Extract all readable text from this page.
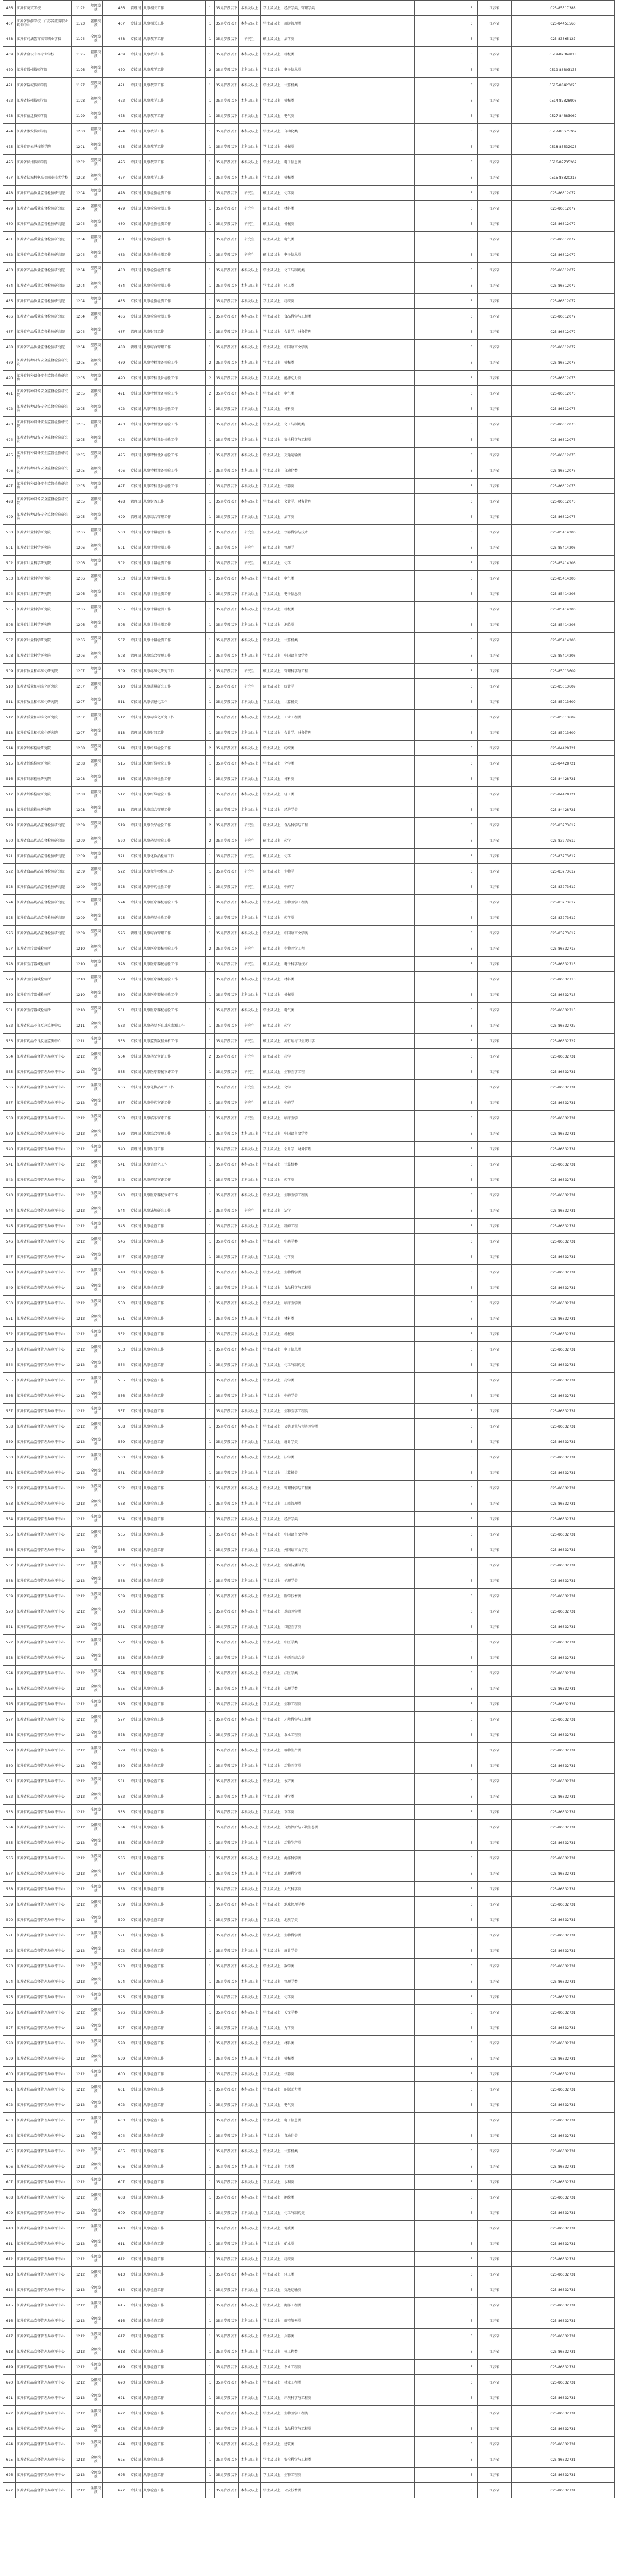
466	江苏省商贸学校	1192	差额拨款		466	管理岗	从事相关工作	1	35周岁及以下	本科及以上	学士及以上	经济学类、管理学类				3	江苏省	025-85517388
467	江苏省旅游学校（江苏省旅游职业培训中心）	1193	差额拨款		467	专技岗	从事相关工作	1	35周岁及以下	本科及以上	学士及以上	旅游管理类				3	江苏省	025-84451560
468	江苏省司法警官高等职业学校	1194	全额拨款		468	专技岗	从事教学工作	1	35周岁及以下	研究生	硕士及以上	法学类				3	江苏省	025-83365127
469	江苏省金坛中等专业学校	1195	差额拨款		469	专技岗	从事教学工作	1	35周岁及以下	本科及以上	学士及以上	机械类				3	江苏省	0519-82362818
470	江苏省常州技师学院	1196	差额拨款		470	专技岗	从事教学工作	2	35周岁及以下	本科及以上	学士及以上	电子信息类				3	江苏省	0519-86303135
471	江苏省盐城技师学院	1197	差额拨款		471	专技岗	从事教学工作	1	35周岁及以下	本科及以上	学士及以上	计算机类				3	江苏省	0515-88423025
472	江苏省扬州技师学院	1198	差额拨款		472	专技岗	从事教学工作	1	35周岁及以下	本科及以上	学士及以上	机械类				3	江苏省	0514-87328903
473	江苏省宿迁技师学院	1199	差额拨款		473	专技岗	从事教学工作	1	35周岁及以下	本科及以上	学士及以上	电气类				3	江苏省	0527-84383069
474	江苏省淮安技师学院	1200	差额拨款		474	专技岗	从事教学工作	1	35周岁及以下	本科及以上	学士及以上	自动化类				3	江苏省	0517-83675262
475	江苏省连云港技师学院	1201	差额拨款		475	专技岗	从事教学工作	1	35周岁及以下	本科及以上	学士及以上	机械类				3	江苏省	0518-85532023
476	江苏省徐州技师学院	1202	差额拨款		476	专技岗	从事教学工作	1	35周岁及以下	本科及以上	学士及以上	电子信息类				3	江苏省	0516-87735262
477	江苏省盐城机电高等职业技术学校	1203	差额拨款		477	专技岗	从事教学工作	1	35周岁及以下	本科及以上	学士及以上	机械类				3	江苏省	0515-88320216
478	江苏省产品质量监督检验研究院	1204	差额拨款		478	专技岗	从事检验检测工作	1	35周岁及以下	研究生	硕士及以上	化学类				3	江苏省	025-86612072
479	江苏省产品质量监督检验研究院	1204	差额拨款		479	专技岗	从事检验检测工作	1	35周岁及以下	研究生	硕士及以上	材料类				3	江苏省	025-86612072
480	江苏省产品质量监督检验研究院	1204	差额拨款		480	专技岗	从事检验检测工作	1	35周岁及以下	研究生	硕士及以上	机械类				3	江苏省	025-86612072
481	江苏省产品质量监督检验研究院	1204	差额拨款		481	专技岗	从事检验检测工作	1	35周岁及以下	研究生	硕士及以上	电气类				3	江苏省	025-86612072
482	江苏省产品质量监督检验研究院	1204	差额拨款		482	专技岗	从事检验检测工作	1	35周岁及以下	研究生	硕士及以上	电子信息类				3	江苏省	025-86612072
483	江苏省产品质量监督检验研究院	1204	差额拨款		483	专技岗	从事检验检测工作	1	35周岁及以下	本科及以上	学士及以上	化工与制药类				3	江苏省	025-86612072
484	江苏省产品质量监督检验研究院	1204	差额拨款		484	专技岗	从事检验检测工作	1	35周岁及以下	本科及以上	学士及以上	轻工类				3	江苏省	025-86612072
485	江苏省产品质量监督检验研究院	1204	差额拨款		485	专技岗	从事检验检测工作	1	35周岁及以下	本科及以上	学士及以上	纺织类				3	江苏省	025-86612072
486	江苏省产品质量监督检验研究院	1204	差额拨款		486	专技岗	从事检验检测工作	1	35周岁及以下	本科及以上	学士及以上	食品科学与工程类				3	江苏省	025-86612072
487	江苏省产品质量监督检验研究院	1204	差额拨款		487	管理岗	从事财务工作	1	35周岁及以下	本科及以上	学士及以上	会计学、财务管理				3	江苏省	025-86612072
488	江苏省产品质量监督检验研究院	1204	差额拨款		488	管理岗	从事综合管理工作	1	35周岁及以下	本科及以上	学士及以上	中国语言文学类				3	江苏省	025-86612072
489	江苏省特种设备安全监督检验研究院	1205	差额拨款		489	专技岗	从事特种设备检验工作	2	35周岁及以下	本科及以上	学士及以上	机械类				3	江苏省	025-86612073
490	江苏省特种设备安全监督检验研究院	1205	差额拨款		490	专技岗	从事特种设备检验工作	2	35周岁及以下	本科及以上	学士及以上	能源动力类				3	江苏省	025-86612073
491	江苏省特种设备安全监督检验研究院	1205	差额拨款		491	专技岗	从事特种设备检验工作	2	35周岁及以下	本科及以上	学士及以上	电气类				3	江苏省	025-86612073
492	江苏省特种设备安全监督检验研究院	1205	差额拨款		492	专技岗	从事特种设备检验工作	1	35周岁及以下	本科及以上	学士及以上	材料类				3	江苏省	025-86612073
493	江苏省特种设备安全监督检验研究院	1205	差额拨款		493	专技岗	从事特种设备检验工作	1	35周岁及以下	本科及以上	学士及以上	化工与制药类				3	江苏省	025-86612073
494	江苏省特种设备安全监督检验研究院	1205	差额拨款		494	专技岗	从事特种设备检验工作	1	35周岁及以下	本科及以上	学士及以上	安全科学与工程类				3	江苏省	025-86612073
495	江苏省特种设备安全监督检验研究院	1205	差额拨款		495	专技岗	从事特种设备检验工作	1	35周岁及以下	本科及以上	学士及以上	交通运输类				3	江苏省	025-86612073
496	江苏省特种设备安全监督检验研究院	1205	差额拨款		496	专技岗	从事特种设备检验工作	1	35周岁及以下	本科及以上	学士及以上	自动化类				3	江苏省	025-86612073
497	江苏省特种设备安全监督检验研究院	1205	差额拨款		497	专技岗	从事特种设备检验工作	1	35周岁及以下	本科及以上	学士及以上	仪器类				3	江苏省	025-86612073
498	江苏省特种设备安全监督检验研究院	1205	差额拨款		498	管理岗	从事财务工作	1	35周岁及以下	本科及以上	学士及以上	会计学、财务管理				3	江苏省	025-86612073
499	江苏省特种设备安全监督检验研究院	1205	差额拨款		499	管理岗	从事综合管理工作	1	35周岁及以下	本科及以上	学士及以上	法学类				3	江苏省	025-86612073
500	江苏省计量科学研究院	1206	差额拨款		500	专技岗	从事计量检测工作	2	35周岁及以下	研究生	硕士及以上	仪器科学与技术				3	江苏省	025-85414206
501	江苏省计量科学研究院	1206	差额拨款		501	专技岗	从事计量检测工作	1	35周岁及以下	研究生	硕士及以上	物理学				3	江苏省	025-85414206
502	江苏省计量科学研究院	1206	差额拨款		502	专技岗	从事计量检测工作	1	35周岁及以下	研究生	硕士及以上	化学				3	江苏省	025-85414206
503	江苏省计量科学研究院	1206	差额拨款		503	专技岗	从事计量检测工作	1	35周岁及以下	本科及以上	学士及以上	电气类				3	江苏省	025-85414206
504	江苏省计量科学研究院	1206	差额拨款		504	专技岗	从事计量检测工作	1	35周岁及以下	本科及以上	学士及以上	电子信息类				3	江苏省	025-85414206
505	江苏省计量科学研究院	1206	差额拨款		505	专技岗	从事计量检测工作	1	35周岁及以下	本科及以上	学士及以上	机械类				3	江苏省	025-85414206
506	江苏省计量科学研究院	1206	差额拨款		506	专技岗	从事计量检测工作	1	35周岁及以下	本科及以上	学士及以上	测绘类				3	江苏省	025-85414206
507	江苏省计量科学研究院	1206	差额拨款		507	专技岗	从事计量检测工作	1	35周岁及以下	本科及以上	学士及以上	计算机类				3	江苏省	025-85414206
508	江苏省计量科学研究院	1206	差额拨款		508	管理岗	从事综合管理工作	1	35周岁及以下	本科及以上	学士及以上	中国语言文学类				3	江苏省	025-85414206
509	江苏省质量和标准化研究院	1207	差额拨款		509	专技岗	从事标准化研究工作	2	35周岁及以下	研究生	硕士及以上	管理科学与工程				3	江苏省	025-85013609
510	江苏省质量和标准化研究院	1207	差额拨款		510	专技岗	从事质量研究工作	1	35周岁及以下	研究生	硕士及以上	统计学				3	江苏省	025-85013609
511	江苏省质量和标准化研究院	1207	差额拨款		511	专技岗	从事信息化工作	1	35周岁及以下	本科及以上	学士及以上	计算机类				3	江苏省	025-85013609
512	江苏省质量和标准化研究院	1207	差额拨款		512	专技岗	从事标准化研究工作	1	35周岁及以下	本科及以上	学士及以上	工业工程类				3	江苏省	025-85013609
513	江苏省质量和标准化研究院	1207	差额拨款		513	管理岗	从事财务工作	1	35周岁及以下	本科及以上	学士及以上	会计学、财务管理				3	江苏省	025-85013609
514	江苏省纤维检验研究院	1208	差额拨款		514	专技岗	从事纤维检验工作	2	35周岁及以下	本科及以上	学士及以上	纺织类				3	江苏省	025-84428721
515	江苏省纤维检验研究院	1208	差额拨款		515	专技岗	从事纤维检验工作	1	35周岁及以下	本科及以上	学士及以上	化学类				3	江苏省	025-84428721
516	江苏省纤维检验研究院	1208	差额拨款		516	专技岗	从事纤维检验工作	1	35周岁及以下	本科及以上	学士及以上	材料类				3	江苏省	025-84428721
517	江苏省纤维检验研究院	1208	差额拨款		517	专技岗	从事纤维检验工作	1	35周岁及以下	本科及以上	学士及以上	轻工类				3	江苏省	025-84428721
518	江苏省纤维检验研究院	1208	差额拨款		518	管理岗	从事综合管理工作	1	35周岁及以下	本科及以上	学士及以上	经济学类				3	江苏省	025-84428721
519	江苏省食品药品监督检验研究院	1209	差额拨款		519	专技岗	从事食品检验工作	2	35周岁及以下	研究生	硕士及以上	食品科学与工程				3	江苏省	025-83273612
520	江苏省食品药品监督检验研究院	1209	差额拨款		520	专技岗	从事药品检验工作	2	35周岁及以下	研究生	硕士及以上	药学				3	江苏省	025-83273612
521	江苏省食品药品监督检验研究院	1209	差额拨款		521	专技岗	从事化妆品检验工作	1	35周岁及以下	研究生	硕士及以上	化学				3	江苏省	025-83273612
522	江苏省食品药品监督检验研究院	1209	差额拨款		522	专技岗	从事微生物检验工作	1	35周岁及以下	研究生	硕士及以上	生物学				3	江苏省	025-83273612
523	江苏省食品药品监督检验研究院	1209	差额拨款		523	专技岗	从事中药检验工作	1	35周岁及以下	研究生	硕士及以上	中药学				3	江苏省	025-83273612
524	江苏省食品药品监督检验研究院	1209	差额拨款		524	专技岗	从事医疗器械检验工作	1	35周岁及以下	本科及以上	学士及以上	生物医学工程类				3	江苏省	025-83273612
525	江苏省食品药品监督检验研究院	1209	差额拨款		525	专技岗	从事药品检验工作	1	35周岁及以下	本科及以上	学士及以上	药学类				3	江苏省	025-83273612
526	江苏省食品药品监督检验研究院	1209	差额拨款		526	管理岗	从事综合管理工作	1	35周岁及以下	本科及以上	学士及以上	中国语言文学类				3	江苏省	025-83273612
527	江苏省医疗器械检验所	1210	差额拨款		527	专技岗	从事医疗器械检验工作	2	35周岁及以下	研究生	硕士及以上	生物医学工程				3	江苏省	025-86632713
528	江苏省医疗器械检验所	1210	差额拨款		528	专技岗	从事医疗器械检验工作	1	35周岁及以下	研究生	硕士及以上	电子科学与技术				3	江苏省	025-86632713
529	江苏省医疗器械检验所	1210	差额拨款		529	专技岗	从事医疗器械检验工作	1	35周岁及以下	本科及以上	学士及以上	材料类				3	江苏省	025-86632713
530	江苏省医疗器械检验所	1210	差额拨款		530	专技岗	从事医疗器械检验工作	1	35周岁及以下	本科及以上	学士及以上	机械类				3	江苏省	025-86632713
531	江苏省医疗器械检验所	1210	差额拨款		531	专技岗	从事医疗器械检验工作	1	35周岁及以下	本科及以上	学士及以上	电气类				3	江苏省	025-86632713
532	江苏省药品不良反应监测中心	1211	全额拨款		532	专技岗	从事药品不良反应监测工作	1	35周岁及以下	研究生	硕士及以上	药学				3	江苏省	025-86632727
533	江苏省药品不良反应监测中心	1211	全额拨款		533	专技岗	从事监测数据分析工作	1	35周岁及以下	研究生	硕士及以上	流行病与卫生统计学				3	江苏省	025-86632727
534	江苏省药品监督管理局审评中心	1212	全额拨款		534	专技岗	从事药品审评工作	2	35周岁及以下	研究生	硕士及以上	药学				3	江苏省	025-86632731
535	江苏省药品监督管理局审评中心	1212	全额拨款		535	专技岗	从事医疗器械审评工作	1	35周岁及以下	研究生	硕士及以上	生物医学工程				3	江苏省	025-86632731
536	江苏省药品监督管理局审评中心	1212	全额拨款		536	专技岗	从事化妆品审评工作	1	35周岁及以下	研究生	硕士及以上	化学				3	江苏省	025-86632731
537	江苏省药品监督管理局审评中心	1212	全额拨款		537	专技岗	从事中药审评工作	1	35周岁及以下	研究生	硕士及以上	中药学				3	江苏省	025-86632731
538	江苏省药品监督管理局审评中心	1212	全额拨款		538	专技岗	从事临床审评工作	1	35周岁及以下	研究生	硕士及以上	临床医学				3	江苏省	025-86632731
539	江苏省药品监督管理局审评中心	1212	全额拨款		539	管理岗	从事综合管理工作	1	35周岁及以下	本科及以上	学士及以上	中国语言文学类				3	江苏省	025-86632731
540	江苏省药品监督管理局审评中心	1212	全额拨款		540	管理岗	从事财务工作	1	35周岁及以下	本科及以上	学士及以上	会计学、财务管理				3	江苏省	025-86632731
541	江苏省药品监督管理局审评中心	1212	全额拨款		541	专技岗	从事信息化工作	1	35周岁及以下	本科及以上	学士及以上	计算机类				3	江苏省	025-86632731
542	江苏省药品监督管理局审评中心	1212	全额拨款		542	专技岗	从事药品审评工作	1	35周岁及以下	本科及以上	学士及以上	药学类				3	江苏省	025-86632731
543	江苏省药品监督管理局审评中心	1212	全额拨款		543	专技岗	从事医疗器械审评工作	1	35周岁及以下	本科及以上	学士及以上	生物医学工程类				3	江苏省	025-86632731
544	江苏省药品监督管理局审评中心	1212	全额拨款		544	专技岗	从事法规研究工作	1	35周岁及以下	研究生	硕士及以上	法学				3	江苏省	025-86632731
545	江苏省药品监督管理局审评中心	1212	全额拨款		545	专技岗	从事检查工作	1	35周岁及以下	本科及以上	学士及以上	制药工程				3	江苏省	025-86632731
546	江苏省药品监督管理局审评中心	1212	全额拨款		546	专技岗	从事检查工作	1	35周岁及以下	本科及以上	学士及以上	中药学类				3	江苏省	025-86632731
547	江苏省药品监督管理局审评中心	1212	全额拨款		547	专技岗	从事检查工作	1	35周岁及以下	本科及以上	学士及以上	化学类				3	江苏省	025-86632731
548	江苏省药品监督管理局审评中心	1212	全额拨款		548	专技岗	从事检查工作	1	35周岁及以下	本科及以上	学士及以上	生物科学类				3	江苏省	025-86632731
549	江苏省药品监督管理局审评中心	1212	全额拨款		549	专技岗	从事检查工作	1	35周岁及以下	本科及以上	学士及以上	食品科学与工程类				3	江苏省	025-86632731
550	江苏省药品监督管理局审评中心	1212	全额拨款		550	专技岗	从事检查工作	1	35周岁及以下	本科及以上	学士及以上	临床医学类				3	江苏省	025-86632731
551	江苏省药品监督管理局审评中心	1212	全额拨款		551	专技岗	从事检查工作	1	35周岁及以下	本科及以上	学士及以上	材料类				3	江苏省	025-86632731
552	江苏省药品监督管理局审评中心	1212	全额拨款		552	专技岗	从事检查工作	1	35周岁及以下	本科及以上	学士及以上	机械类				3	江苏省	025-86632731
553	江苏省药品监督管理局审评中心	1212	全额拨款		553	专技岗	从事检查工作	1	35周岁及以下	本科及以上	学士及以上	电子信息类				3	江苏省	025-86632731
554	江苏省药品监督管理局审评中心	1212	全额拨款		554	专技岗	从事检查工作	1	35周岁及以下	本科及以上	学士及以上	化工与制药类				3	江苏省	025-86632731
555	江苏省药品监督管理局审评中心	1212	全额拨款		555	专技岗	从事检查工作	1	35周岁及以下	本科及以上	学士及以上	药学类				3	江苏省	025-86632731
556	江苏省药品监督管理局审评中心	1212	全额拨款		556	专技岗	从事检查工作	1	35周岁及以下	本科及以上	学士及以上	中药学类				3	江苏省	025-86632731
557	江苏省药品监督管理局审评中心	1212	全额拨款		557	专技岗	从事检查工作	1	35周岁及以下	本科及以上	学士及以上	生物医学工程类				3	江苏省	025-86632731
558	江苏省药品监督管理局审评中心	1212	全额拨款		558	专技岗	从事检查工作	1	35周岁及以下	本科及以上	学士及以上	公共卫生与预防医学类				3	江苏省	025-86632731
559	江苏省药品监督管理局审评中心	1212	全额拨款		559	专技岗	从事检查工作	1	35周岁及以下	本科及以上	学士及以上	统计学类				3	江苏省	025-86632731
560	江苏省药品监督管理局审评中心	1212	全额拨款		560	专技岗	从事检查工作	1	35周岁及以下	本科及以上	学士及以上	法学类				3	江苏省	025-86632731
561	江苏省药品监督管理局审评中心	1212	全额拨款		561	专技岗	从事检查工作	1	35周岁及以下	本科及以上	学士及以上	计算机类				3	江苏省	025-86632731
562	江苏省药品监督管理局审评中心	1212	全额拨款		562	专技岗	从事检查工作	1	35周岁及以下	本科及以上	学士及以上	管理科学与工程类				3	江苏省	025-86632731
563	江苏省药品监督管理局审评中心	1212	全额拨款		563	专技岗	从事检查工作	1	35周岁及以下	本科及以上	学士及以上	工商管理类				3	江苏省	025-86632731
564	江苏省药品监督管理局审评中心	1212	全额拨款		564	专技岗	从事检查工作	1	35周岁及以下	本科及以上	学士及以上	经济学类				3	江苏省	025-86632731
565	江苏省药品监督管理局审评中心	1212	全额拨款		565	专技岗	从事检查工作	1	35周岁及以下	本科及以上	学士及以上	中国语言文学类				3	江苏省	025-86632731
566	江苏省药品监督管理局审评中心	1212	全额拨款		566	专技岗	从事检查工作	1	35周岁及以下	本科及以上	学士及以上	外国语言文学类				3	江苏省	025-86632731
567	江苏省药品监督管理局审评中心	1212	全额拨款		567	专技岗	从事检查工作	1	35周岁及以下	本科及以上	学士及以上	新闻传播学类				3	江苏省	025-86632731
568	江苏省药品监督管理局审评中心	1212	全额拨款		568	专技岗	从事检查工作	1	35周岁及以下	本科及以上	学士及以上	护理学类				3	江苏省	025-86632731
569	江苏省药品监督管理局审评中心	1212	全额拨款		569	专技岗	从事检查工作	1	35周岁及以下	本科及以上	学士及以上	医学技术类				3	江苏省	025-86632731
570	江苏省药品监督管理局审评中心	1212	全额拨款		570	专技岗	从事检查工作	1	35周岁及以下	本科及以上	学士及以上	基础医学类				3	江苏省	025-86632731
571	江苏省药品监督管理局审评中心	1212	全额拨款		571	专技岗	从事检查工作	1	35周岁及以下	本科及以上	学士及以上	口腔医学类				3	江苏省	025-86632731
572	江苏省药品监督管理局审评中心	1212	全额拨款		572	专技岗	从事检查工作	1	35周岁及以下	本科及以上	学士及以上	中医学类				3	江苏省	025-86632731
573	江苏省药品监督管理局审评中心	1212	全额拨款		573	专技岗	从事检查工作	1	35周岁及以下	本科及以上	学士及以上	中西医结合类				3	江苏省	025-86632731
574	江苏省药品监督管理局审评中心	1212	全额拨款		574	专技岗	从事检查工作	1	35周岁及以下	本科及以上	学士及以上	法医学类				3	江苏省	025-86632731
575	江苏省药品监督管理局审评中心	1212	全额拨款		575	专技岗	从事检查工作	1	35周岁及以下	本科及以上	学士及以上	心理学类				3	江苏省	025-86632731
576	江苏省药品监督管理局审评中心	1212	全额拨款		576	专技岗	从事检查工作	1	35周岁及以下	本科及以上	学士及以上	生物工程类				3	江苏省	025-86632731
577	江苏省药品监督管理局审评中心	1212	全额拨款		577	专技岗	从事检查工作	1	35周岁及以下	本科及以上	学士及以上	环境科学与工程类				3	江苏省	025-86632731
578	江苏省药品监督管理局审评中心	1212	全额拨款		578	专技岗	从事检查工作	1	35周岁及以下	本科及以上	学士及以上	农业工程类				3	江苏省	025-86632731
579	江苏省药品监督管理局审评中心	1212	全额拨款		579	专技岗	从事检查工作	1	35周岁及以下	本科及以上	学士及以上	植物生产类				3	江苏省	025-86632731
580	江苏省药品监督管理局审评中心	1212	全额拨款		580	专技岗	从事检查工作	1	35周岁及以下	本科及以上	学士及以上	动物医学类				3	江苏省	025-86632731
581	江苏省药品监督管理局审评中心	1212	全额拨款		581	专技岗	从事检查工作	1	35周岁及以下	本科及以上	学士及以上	水产类				3	江苏省	025-86632731
582	江苏省药品监督管理局审评中心	1212	全额拨款		582	专技岗	从事检查工作	1	35周岁及以下	本科及以上	学士及以上	林学类				3	江苏省	025-86632731
583	江苏省药品监督管理局审评中心	1212	全额拨款		583	专技岗	从事检查工作	1	35周岁及以下	本科及以上	学士及以上	草学类				3	江苏省	025-86632731
584	江苏省药品监督管理局审评中心	1212	全额拨款		584	专技岗	从事检查工作	1	35周岁及以下	本科及以上	学士及以上	自然保护与环境生态类				3	江苏省	025-86632731
585	江苏省药品监督管理局审评中心	1212	全额拨款		585	专技岗	从事检查工作	1	35周岁及以下	本科及以上	学士及以上	动物生产类				3	江苏省	025-86632731
586	江苏省药品监督管理局审评中心	1212	全额拨款		586	专技岗	从事检查工作	1	35周岁及以下	本科及以上	学士及以上	海洋科学类				3	江苏省	025-86632731
587	江苏省药品监督管理局审评中心	1212	全额拨款		587	专技岗	从事检查工作	1	35周岁及以下	本科及以上	学士及以上	地理科学类				3	江苏省	025-86632731
588	江苏省药品监督管理局审评中心	1212	全额拨款		588	专技岗	从事检查工作	1	35周岁及以下	本科及以上	学士及以上	大气科学类				3	江苏省	025-86632731
589	江苏省药品监督管理局审评中心	1212	全额拨款		589	专技岗	从事检查工作	1	35周岁及以下	本科及以上	学士及以上	地球物理学类				3	江苏省	025-86632731
590	江苏省药品监督管理局审评中心	1212	全额拨款		590	专技岗	从事检查工作	1	35周岁及以下	本科及以上	学士及以上	地质学类				3	江苏省	025-86632731
591	江苏省药品监督管理局审评中心	1212	全额拨款		591	专技岗	从事检查工作	1	35周岁及以下	本科及以上	学士及以上	生物科学类				3	江苏省	025-86632731
592	江苏省药品监督管理局审评中心	1212	全额拨款		592	专技岗	从事检查工作	1	35周岁及以下	本科及以上	学士及以上	统计学类				3	江苏省	025-86632731
593	江苏省药品监督管理局审评中心	1212	全额拨款		593	专技岗	从事检查工作	1	35周岁及以下	本科及以上	学士及以上	数学类				3	江苏省	025-86632731
594	江苏省药品监督管理局审评中心	1212	全额拨款		594	专技岗	从事检查工作	1	35周岁及以下	本科及以上	学士及以上	物理学类				3	江苏省	025-86632731
595	江苏省药品监督管理局审评中心	1212	全额拨款		595	专技岗	从事检查工作	1	35周岁及以下	本科及以上	学士及以上	化学类				3	江苏省	025-86632731
596	江苏省药品监督管理局审评中心	1212	全额拨款		596	专技岗	从事检查工作	1	35周岁及以下	本科及以上	学士及以上	天文学类				3	江苏省	025-86632731
597	江苏省药品监督管理局审评中心	1212	全额拨款		597	专技岗	从事检查工作	1	35周岁及以下	本科及以上	学士及以上	力学类				3	江苏省	025-86632731
598	江苏省药品监督管理局审评中心	1212	全额拨款		598	专技岗	从事检查工作	1	35周岁及以下	本科及以上	学士及以上	材料类				3	江苏省	025-86632731
599	江苏省药品监督管理局审评中心	1212	全额拨款		599	专技岗	从事检查工作	1	35周岁及以下	本科及以上	学士及以上	机械类				3	江苏省	025-86632731
600	江苏省药品监督管理局审评中心	1212	全额拨款		600	专技岗	从事检查工作	1	35周岁及以下	本科及以上	学士及以上	仪器类				3	江苏省	025-86632731
601	江苏省药品监督管理局审评中心	1212	全额拨款		601	专技岗	从事检查工作	1	35周岁及以下	本科及以上	学士及以上	能源动力类				3	江苏省	025-86632731
602	江苏省药品监督管理局审评中心	1212	全额拨款		602	专技岗	从事检查工作	1	35周岁及以下	本科及以上	学士及以上	电气类				3	江苏省	025-86632731
603	江苏省药品监督管理局审评中心	1212	全额拨款		603	专技岗	从事检查工作	1	35周岁及以下	本科及以上	学士及以上	电子信息类				3	江苏省	025-86632731
604	江苏省药品监督管理局审评中心	1212	全额拨款		604	专技岗	从事检查工作	1	35周岁及以下	本科及以上	学士及以上	自动化类				3	江苏省	025-86632731
605	江苏省药品监督管理局审评中心	1212	全额拨款		605	专技岗	从事检查工作	1	35周岁及以下	本科及以上	学士及以上	计算机类				3	江苏省	025-86632731
606	江苏省药品监督管理局审评中心	1212	全额拨款		606	专技岗	从事检查工作	1	35周岁及以下	本科及以上	学士及以上	土木类				3	江苏省	025-86632731
607	江苏省药品监督管理局审评中心	1212	全额拨款		607	专技岗	从事检查工作	1	35周岁及以下	本科及以上	学士及以上	水利类				3	江苏省	025-86632731
608	江苏省药品监督管理局审评中心	1212	全额拨款		608	专技岗	从事检查工作	1	35周岁及以下	本科及以上	学士及以上	测绘类				3	江苏省	025-86632731
609	江苏省药品监督管理局审评中心	1212	全额拨款		609	专技岗	从事检查工作	1	35周岁及以下	本科及以上	学士及以上	化工与制药类				3	江苏省	025-86632731
610	江苏省药品监督管理局审评中心	1212	全额拨款		610	专技岗	从事检查工作	1	35周岁及以下	本科及以上	学士及以上	地质类				3	江苏省	025-86632731
611	江苏省药品监督管理局审评中心	1212	全额拨款		611	专技岗	从事检查工作	1	35周岁及以下	本科及以上	学士及以上	矿业类				3	江苏省	025-86632731
612	江苏省药品监督管理局审评中心	1212	全额拨款		612	专技岗	从事检查工作	1	35周岁及以下	本科及以上	学士及以上	纺织类				3	江苏省	025-86632731
613	江苏省药品监督管理局审评中心	1212	全额拨款		613	专技岗	从事检查工作	1	35周岁及以下	本科及以上	学士及以上	轻工类				3	江苏省	025-86632731
614	江苏省药品监督管理局审评中心	1212	全额拨款		614	专技岗	从事检查工作	1	35周岁及以下	本科及以上	学士及以上	交通运输类				3	江苏省	025-86632731
615	江苏省药品监督管理局审评中心	1212	全额拨款		615	专技岗	从事检查工作	1	35周岁及以下	本科及以上	学士及以上	海洋工程类				3	江苏省	025-86632731
616	江苏省药品监督管理局审评中心	1212	全额拨款		616	专技岗	从事检查工作	1	35周岁及以下	本科及以上	学士及以上	航空航天类				3	江苏省	025-86632731
617	江苏省药品监督管理局审评中心	1212	全额拨款		617	专技岗	从事检查工作	1	35周岁及以下	本科及以上	学士及以上	兵器类				3	江苏省	025-86632731
618	江苏省药品监督管理局审评中心	1212	全额拨款		618	专技岗	从事检查工作	1	35周岁及以下	本科及以上	学士及以上	核工程类				3	江苏省	025-86632731
619	江苏省药品监督管理局审评中心	1212	全额拨款		619	专技岗	从事检查工作	1	35周岁及以下	本科及以上	学士及以上	农业工程类				3	江苏省	025-86632731
620	江苏省药品监督管理局审评中心	1212	全额拨款		620	专技岗	从事检查工作	1	35周岁及以下	本科及以上	学士及以上	林业工程类				3	江苏省	025-86632731
621	江苏省药品监督管理局审评中心	1212	全额拨款		621	专技岗	从事检查工作	1	35周岁及以下	本科及以上	学士及以上	环境科学与工程类				3	江苏省	025-86632731
622	江苏省药品监督管理局审评中心	1212	全额拨款		622	专技岗	从事检查工作	1	35周岁及以下	本科及以上	学士及以上	生物医学工程类				3	江苏省	025-86632731
623	江苏省药品监督管理局审评中心	1212	全额拨款		623	专技岗	从事检查工作	1	35周岁及以下	本科及以上	学士及以上	食品科学与工程类				3	江苏省	025-86632731
624	江苏省药品监督管理局审评中心	1212	全额拨款		624	专技岗	从事检查工作	1	35周岁及以下	本科及以上	学士及以上	建筑类				3	江苏省	025-86632731
625	江苏省药品监督管理局审评中心	1212	全额拨款		625	专技岗	从事检查工作	1	35周岁及以下	本科及以上	学士及以上	安全科学与工程类				3	江苏省	025-86632731
626	江苏省药品监督管理局审评中心	1212	全额拨款		626	专技岗	从事检查工作	1	35周岁及以下	本科及以上	学士及以上	生物工程类				3	江苏省	025-86632731
627	江苏省药品监督管理局审评中心	1212	全额拨款		627	专技岗	从事检查工作	1	35周岁及以下	本科及以上	学士及以上	公安技术类				3	江苏省	025-86632731
